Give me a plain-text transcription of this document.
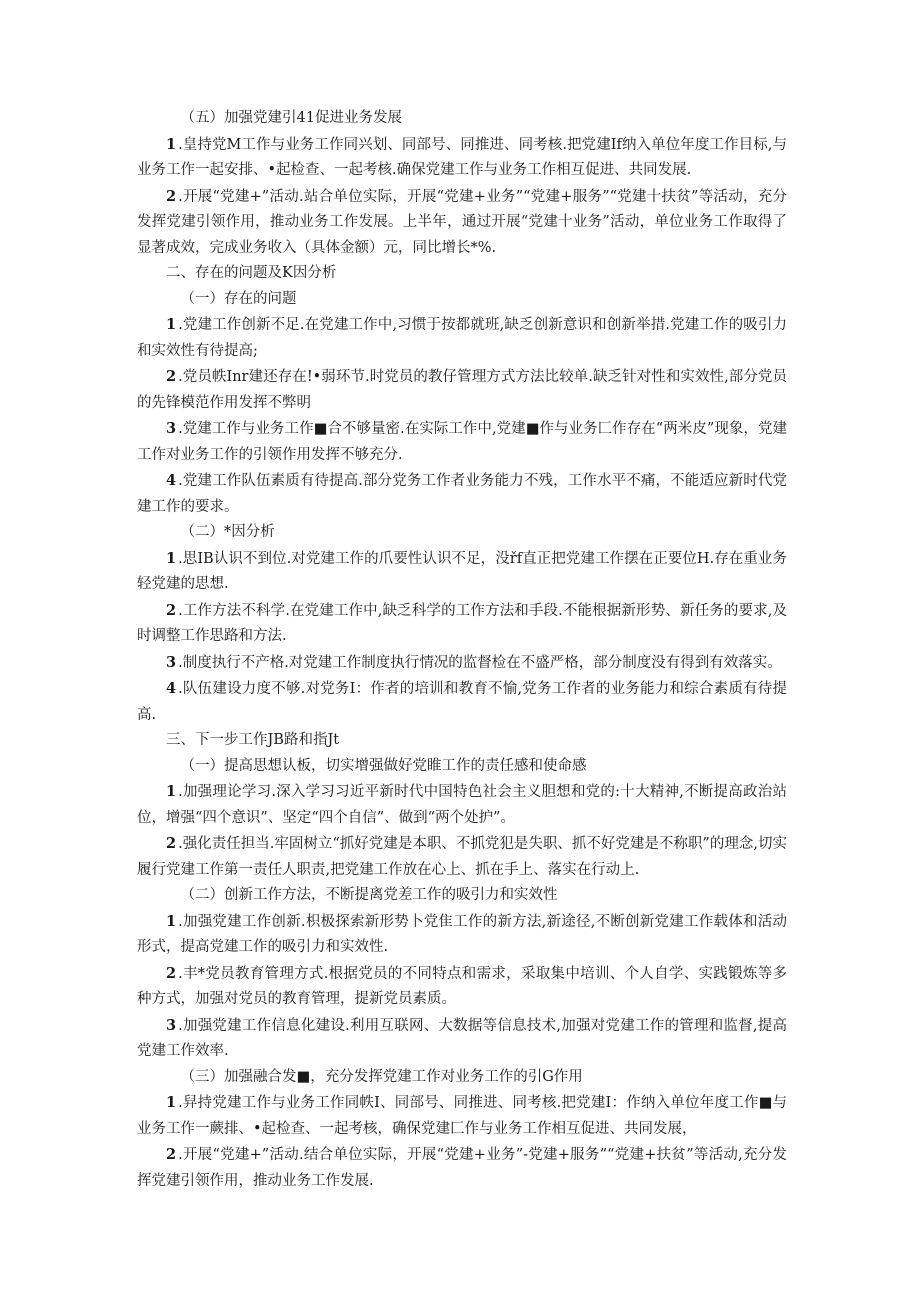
（五）加强党建引41促进业务发展
1 .皇持党M工作与业务工作同兴划、同部号、同推进、同考核.把党建If纳入单位年度工作目标,与业务工作一起安排、•起检查、一起考核.确保党建工作与业务工作相互促进、共同发展.
2 .开展“党建+”活动.站合单位实际，开展“党建+业务”“党建+服务”“党建十扶贫”等活动，充分发挥党建引领作用，推动业务工作发展。上半年，通过开展“党建十业务”活动，单位业务工作取得了显著成效，完成业务收入（具体金额）元，同比增长*%.
二、存在的问题及K因分析
（一）存在的问题
1 .党建工作创新不足.在党建工作中,习惯于按都就班,缺乏创新意识和创新举措.党建工作的吸引力和实效性有待提高;
2 .党员帙Inr建还存在!•弱环节.时党员的教仔管理方式方法比较单.缺乏针对性和实效性,部分党员的先锋模范作用发挥不弊明
3 .党建工作与业务工作■合不够量密.在实际工作中,党建■作与业务匚作存在“两米皮”现象，党建工作对业务工作的引领作用发挥不够充分.
4 .党建工作队伍素质有待提高.部分党务工作者业务能力不残，工作水平不痛，不能适应新时代党建工作的要求。
（二）*因分析
1 .思IB认识不到位.对党建工作的爪要性认识不足，没řf直正把党建工作摆在正要位H.存在重业务轻党建的思想.
2 .工作方法不科学.在党建工作中,缺乏科学的工作方法和手段.不能根据新形势、新任务的要求,及时调整工作思路和方法.
3 .制度执行不产格.对党建工作制度执行情况的监督检在不盛严格，部分制度没有得到有效落实。
4 .队伍建设力度不够.对党务I：作者的培训和教育不愉,党务工作者的业务能力和综合素质有待提高.
三、下一步工作JB路和指Jt
（一）提高思想认板，切实增强做好党睢工作的责任感和使命感
1 .加强理论学习.深入学习习近平新时代中国特色社会主义胆想和党的:十大精神,不断提高政治站位，增强“四个意识”、坚定“四个自信”、做到“两个处护”。
2 .强化责任担当.牢固树立“抓好党建是本职、不抓党犯是失职、抓不好党建是不称职”的理念,切实履行党建工作第一责任人职责,把党建工作放在心上、抓在手上、落实在行动上.
（二）创新工作方法，不断提离党差工作的吸引力和实效性
1 .加强党建工作创新.枳极探索新形势卜党隹工作的新方法,新途径,不断创新党建工作载体和活动形式，提高党建工作的吸引力和实效性.
2 .丰*党员教育管理方式.根据党员的不同特点和需求，采取集中培训、个人自学、实践锻炼等多种方式，加强对党员的教育管理，提新党员素质。
3 .加强党建工作信息化建设.利用互联网、大数据等信息技术,加强对党建工作的管理和监督,提高党建工作效率.
（三）加强融合发■，充分发挥党建工作对业务工作的引G作用
1 .舁持党建工作与业务工作同帙I、同部号、同推进、同考核.把党建I：作纳入单位年度工作■与业务工作一蕨排、•起检查、一起考核，确保党建匚作与业务工作相互促进、共同发展，
2 .开展“党建+”活动.结合单位实际，开展“党建+业务”-党建+服务”“党建+扶贫”等活动,充分发挥党建引领作用，推动业务工作发展.
